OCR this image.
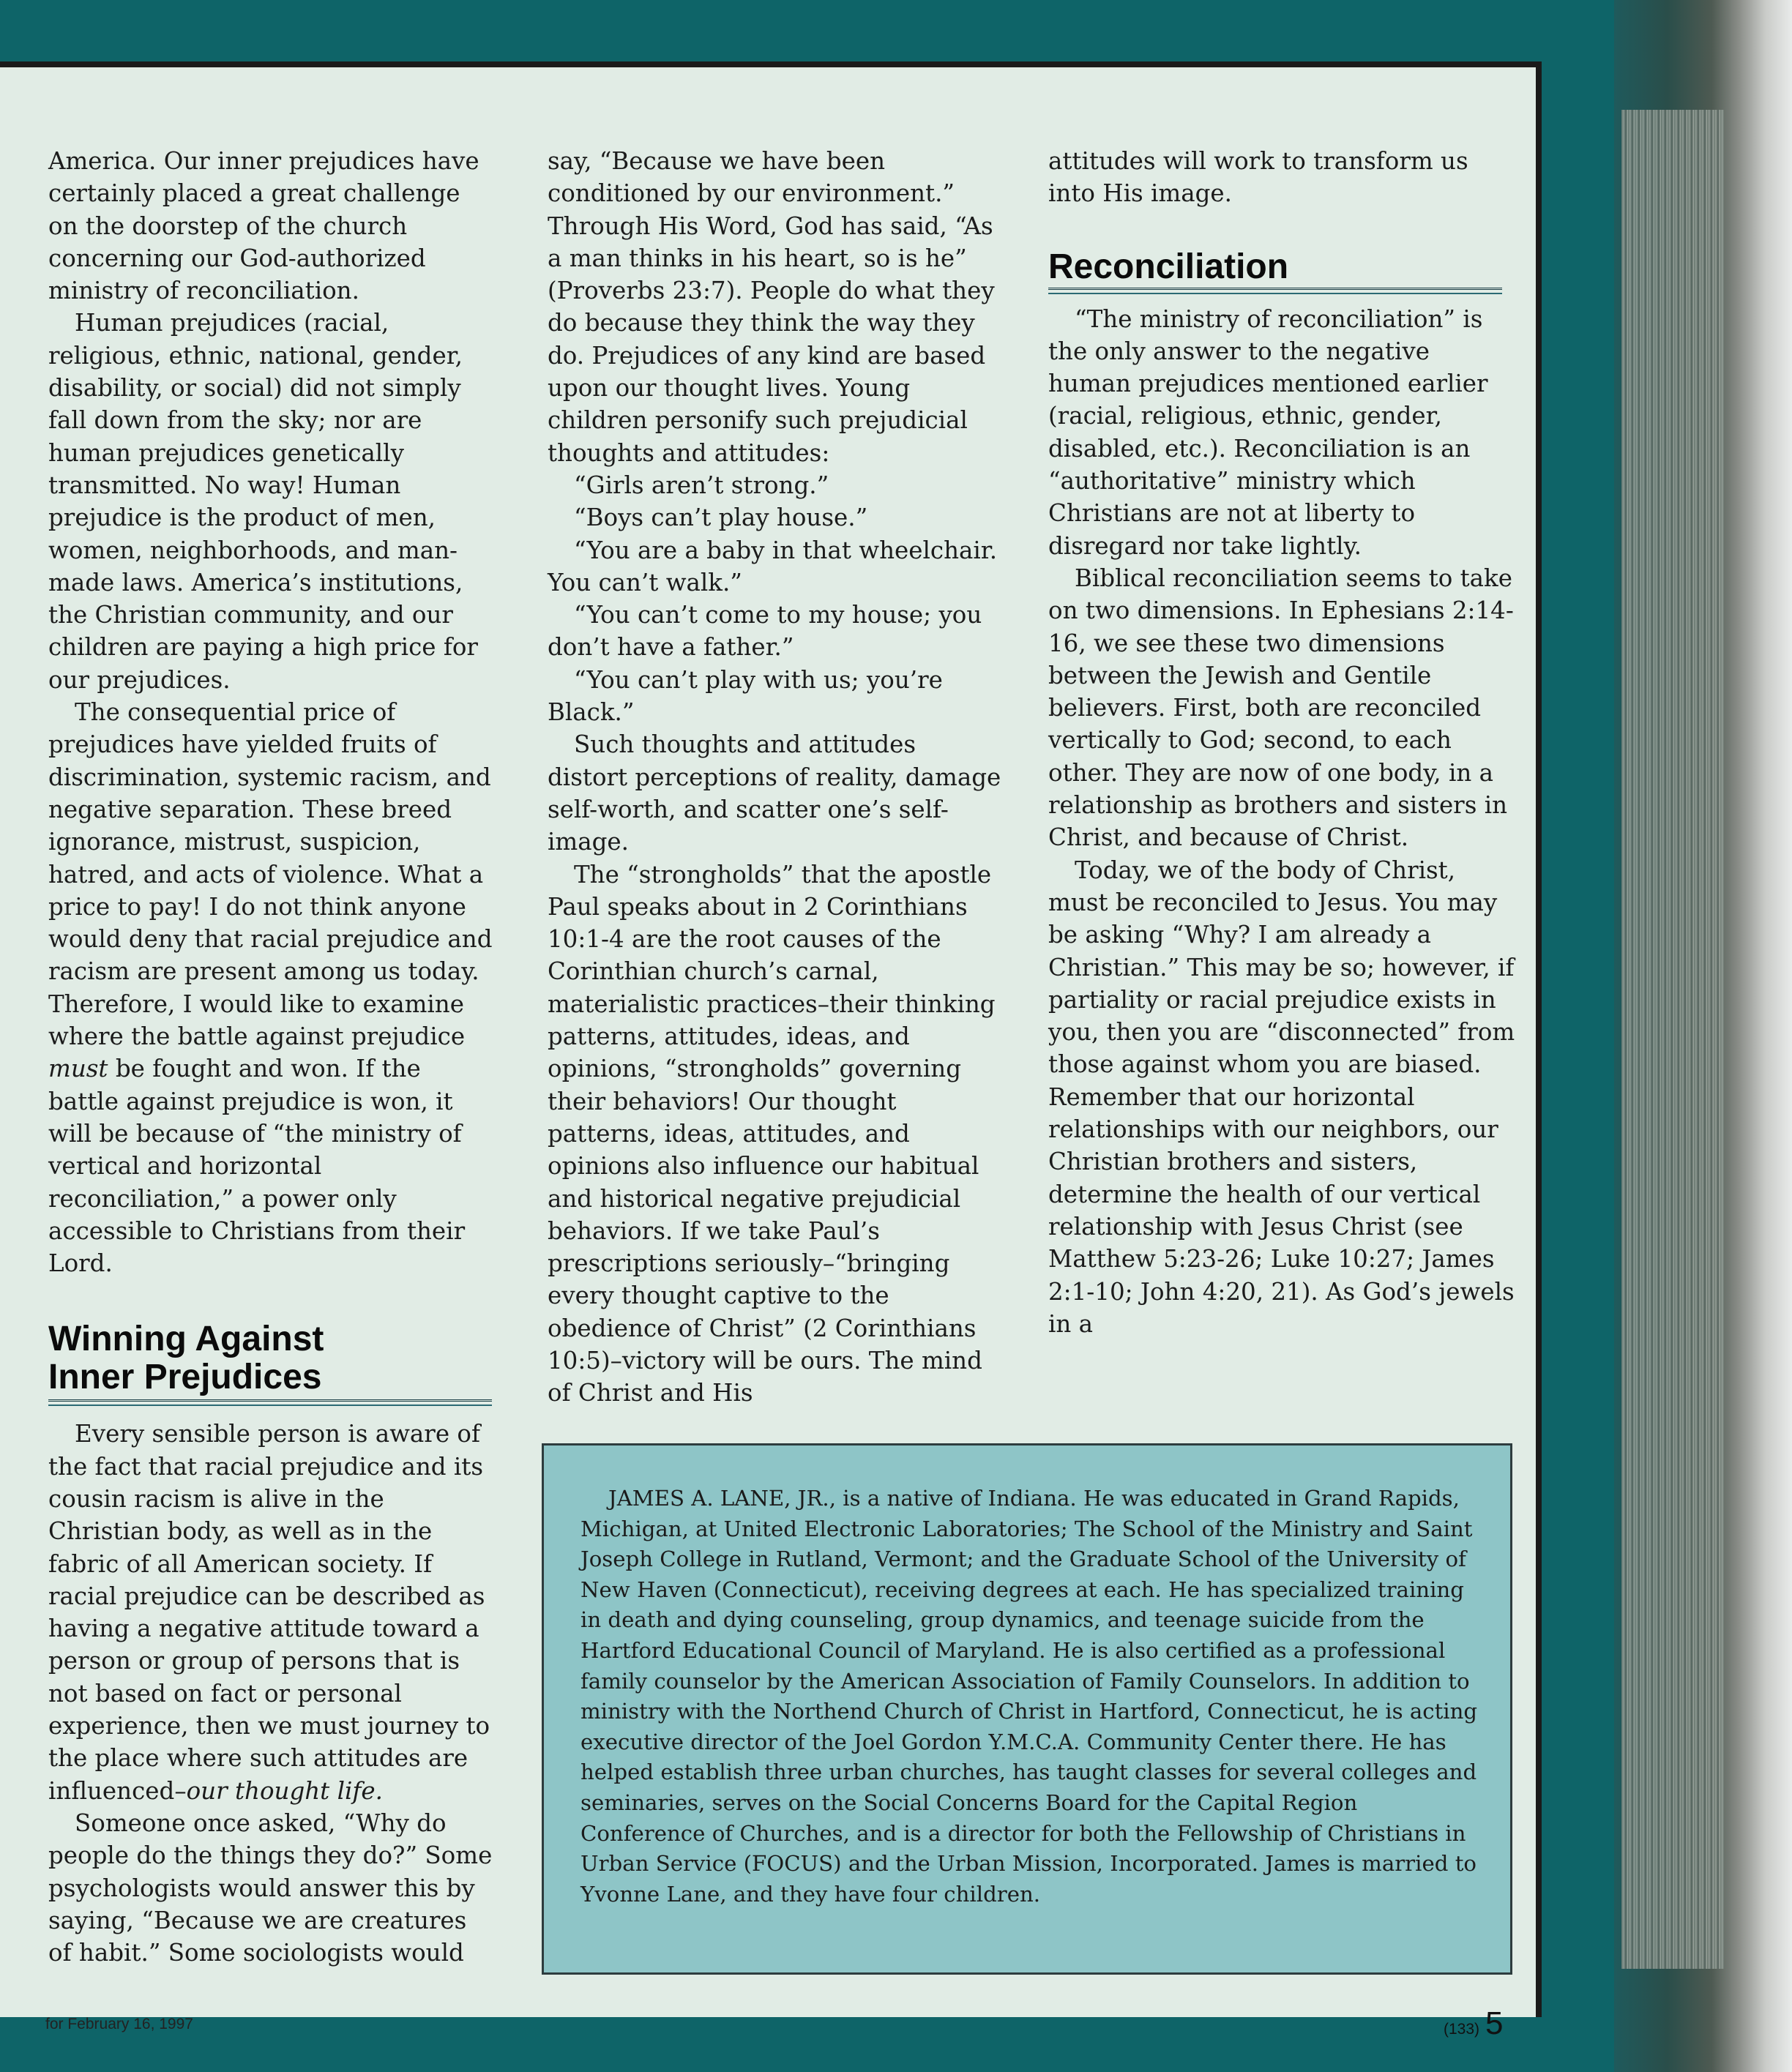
America. Our inner prejudices have certainly placed a great challenge on the doorstep of the church concerning our God-authorized ministry of reconciliation.

Human prejudices (racial, religious, ethnic, national, gender, disability, or social) did not simply fall down from the sky; nor are human prejudices genetically transmitted. No way! Human prejudice is the product of men, women, neighborhoods, and man-made laws. America’s institutions, the Christian community, and our children are paying a high price for our prejudices.

The consequential price of prejudices have yielded fruits of discrimination, systemic racism, and negative separation. These breed ignorance, mistrust, suspicion, hatred, and acts of violence. What a price to pay! I do not think anyone would deny that racial prejudice and racism are present among us today. Therefore, I would like to examine where the battle against prejudice must be fought and won. If the battle against prejudice is won, it will be because of “the ministry of vertical and horizontal reconciliation,” a power only accessible to Christians from their Lord.

Winning Against
Inner Prejudices

Every sensible person is aware of the fact that racial prejudice and its cousin racism is alive in the Christian body, as well as in the fabric of all American society. If racial prejudice can be described as having a negative attitude toward a person or group of persons that is not based on fact or personal experience, then we must journey to the place where such attitudes are influenced–our thought life.

Someone once asked, “Why do people do the things they do?” Some psychologists would answer this by saying, “Because we are creatures of habit.” Some sociologists would

say, “Because we have been conditioned by our environment.” Through His Word, God has said, “As a man thinks in his heart, so is he” (Proverbs 23:7). People do what they do because they think the way they do. Prejudices of any kind are based upon our thought lives. Young children personify such prejudicial thoughts and attitudes:

“Girls aren’t strong.”

“Boys can’t play house.”

“You are a baby in that wheelchair. You can’t walk.”

“You can’t come to my house; you don’t have a father.”

“You can’t play with us; you’re Black.”

Such thoughts and attitudes distort perceptions of reality, damage self-worth, and scatter one’s self-image.

The “strongholds” that the apostle Paul speaks about in 2 Corinthians 10:1-4 are the root causes of the Corinthian church’s carnal, materialistic practices–their thinking patterns, attitudes, ideas, and opinions, “strongholds” governing their behaviors! Our thought patterns, ideas, attitudes, and opinions also influence our habitual and historical negative prejudicial behaviors. If we take Paul’s prescriptions seriously–“bringing every thought captive to the obedience of Christ” (2 Corinthians 10:5)–victory will be ours. The mind of Christ and His

attitudes will work to transform us into His image.

Reconciliation

“The ministry of reconciliation” is the only answer to the negative human prejudices mentioned earlier (racial, religious, ethnic, gender, disabled, etc.). Reconciliation is an “authoritative” ministry which Christians are not at liberty to disregard nor take lightly.

Biblical reconciliation seems to take on two dimensions. In Ephesians 2:14-16, we see these two dimensions between the Jewish and Gentile believers. First, both are reconciled vertically to God; second, to each other. They are now of one body, in a relationship as brothers and sisters in Christ, and because of Christ.

Today, we of the body of Christ, must be reconciled to Jesus. You may be asking “Why? I am already a Christian.” This may be so; however, if partiality or racial prejudice exists in you, then you are “disconnected” from those against whom you are biased. Remember that our horizontal relationships with our neighbors, our Christian brothers and sisters, determine the health of our vertical relationship with Jesus Christ (see Matthew 5:23-26; Luke 10:27; James 2:1-10; John 4:20, 21). As God’s jewels in a

JAMES A. LANE, JR., is a native of Indiana. He was educated in Grand Rapids, Michigan, at United Electronic Laboratories; The School of the Ministry and Saint Joseph College in Rutland, Vermont; and the Graduate School of the University of New Haven (Connecticut), receiving degrees at each. He has specialized training in death and dying counseling, group dynamics, and teenage suicide from the Hartford Educational Council of Maryland. He is also certified as a professional family counselor by the American Association of Family Counselors. In addition to ministry with the Northend Church of Christ in Hartford, Connecticut, he is acting executive director of the Joel Gordon Y.M.C.A. Community Center there. He has helped establish three urban churches, has taught classes for several colleges and seminaries, serves on the Social Concerns Board for the Capital Region Conference of Churches, and is a director for both the Fellowship of Christians in Urban Service (FOCUS) and the Urban Mission, Incorporated. James is married to Yvonne Lane, and they have four children.

for February 16, 1997	(133) 5
